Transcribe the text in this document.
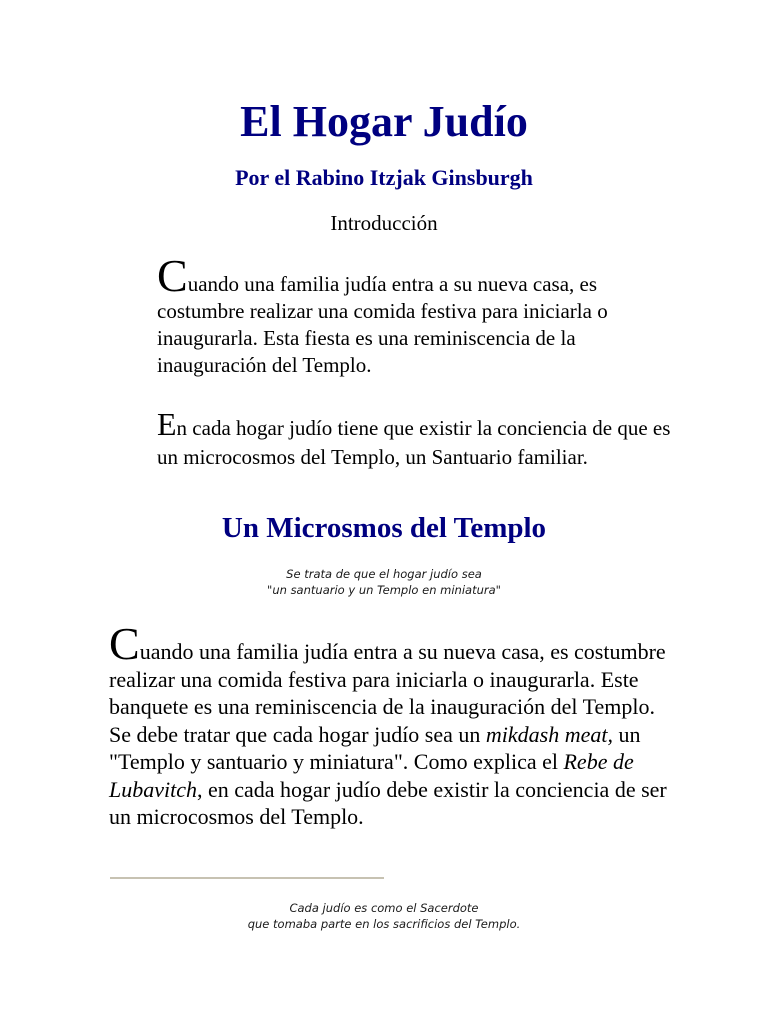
El Hogar Judío
Por el Rabino Itzjak Ginsburgh
Introducción

Cuando una familia judía entra a su nueva casa, es costumbre realizar una comida festiva para iniciarla o inaugurarla. Esta fiesta es una reminiscencia de la inauguración del Templo.

En cada hogar judío tiene que existir la conciencia de que es un microcosmos del Templo, un Santuario familiar.

Un Microsmos del Templo
Se trata de que el hogar judío sea
"un santuario y un Templo en miniatura"

Cuando una familia judía entra a su nueva casa, es costumbre realizar una comida festiva para iniciarla o inaugurarla. Este banquete es una reminiscencia de la inauguración del Templo. Se debe tratar que cada hogar judío sea un mikdash meat, un "Templo y santuario y miniatura". Como explica el Rebe de Lubavitch, en cada hogar judío debe existir la conciencia de ser un microcosmos del Templo.

Cada judío es como el Sacerdote
que tomaba parte en los sacrificios del Templo.
